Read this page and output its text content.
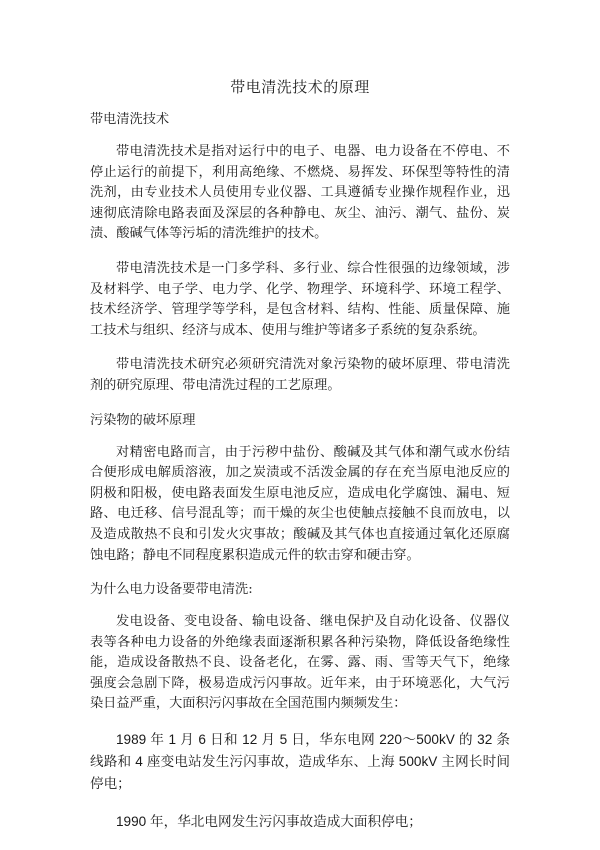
带电清洗技术的原理

带电清洗技术

带电清洗技术是指对运行中的电子、电器、电力设备在不停电、不停止运行的前提下，利用高绝缘、不燃烧、易挥发、环保型等特性的清洗剂，由专业技术人员使用专业仪器、工具遵循专业操作规程作业，迅速彻底清除电路表面及深层的各种静电、灰尘、油污、潮气、盐份、炭渍、酸碱气体等污垢的清洗维护的技术。

带电清洗技术是一门多学科、多行业、综合性很强的边缘领域，涉及材料学、电子学、电力学、化学、物理学、环境科学、环境工程学、技术经济学、管理学等学科，是包含材料、结构、性能、质量保障、施工技术与组织、经济与成本、使用与维护等诸多子系统的复杂系统。

带电清洗技术研究必须研究清洗对象污染物的破坏原理、带电清洗剂的研究原理、带电清洗过程的工艺原理。

污染物的破坏原理

对精密电路而言，由于污秽中盐份、酸碱及其气体和潮气或水份结合便形成电解质溶液，加之炭渍或不活泼金属的存在充当原电池反应的阴极和阳极，使电路表面发生原电池反应，造成电化学腐蚀、漏电、短路、电迁移、信号混乱等；而干燥的灰尘也使触点接触不良而放电，以及造成散热不良和引发火灾事故；酸碱及其气体也直接通过氧化还原腐蚀电路；静电不同程度累积造成元件的软击穿和硬击穿。

为什么电力设备要带电清洗:

发电设备、变电设备、输电设备、继电保护及自动化设备、仪器仪表等各种电力设备的外绝缘表面逐渐积累各种污染物，降低设备绝缘性能，造成设备散热不良、设备老化，在雾、露、雨、雪等天气下，绝缘强度会急剧下降，极易造成污闪事故。近年来，由于环境恶化，大气污染日益严重，大面积污闪事故在全国范围内频频发生：

1989 年 1 月 6 日和 12 月 5 日，华东电网 220～500kV 的 32 条线路和 4 座变电站发生污闪事故，造成华东、上海 500kV 主网长时间停电；

1990 年，华北电网发生污闪事故造成大面积停电；
